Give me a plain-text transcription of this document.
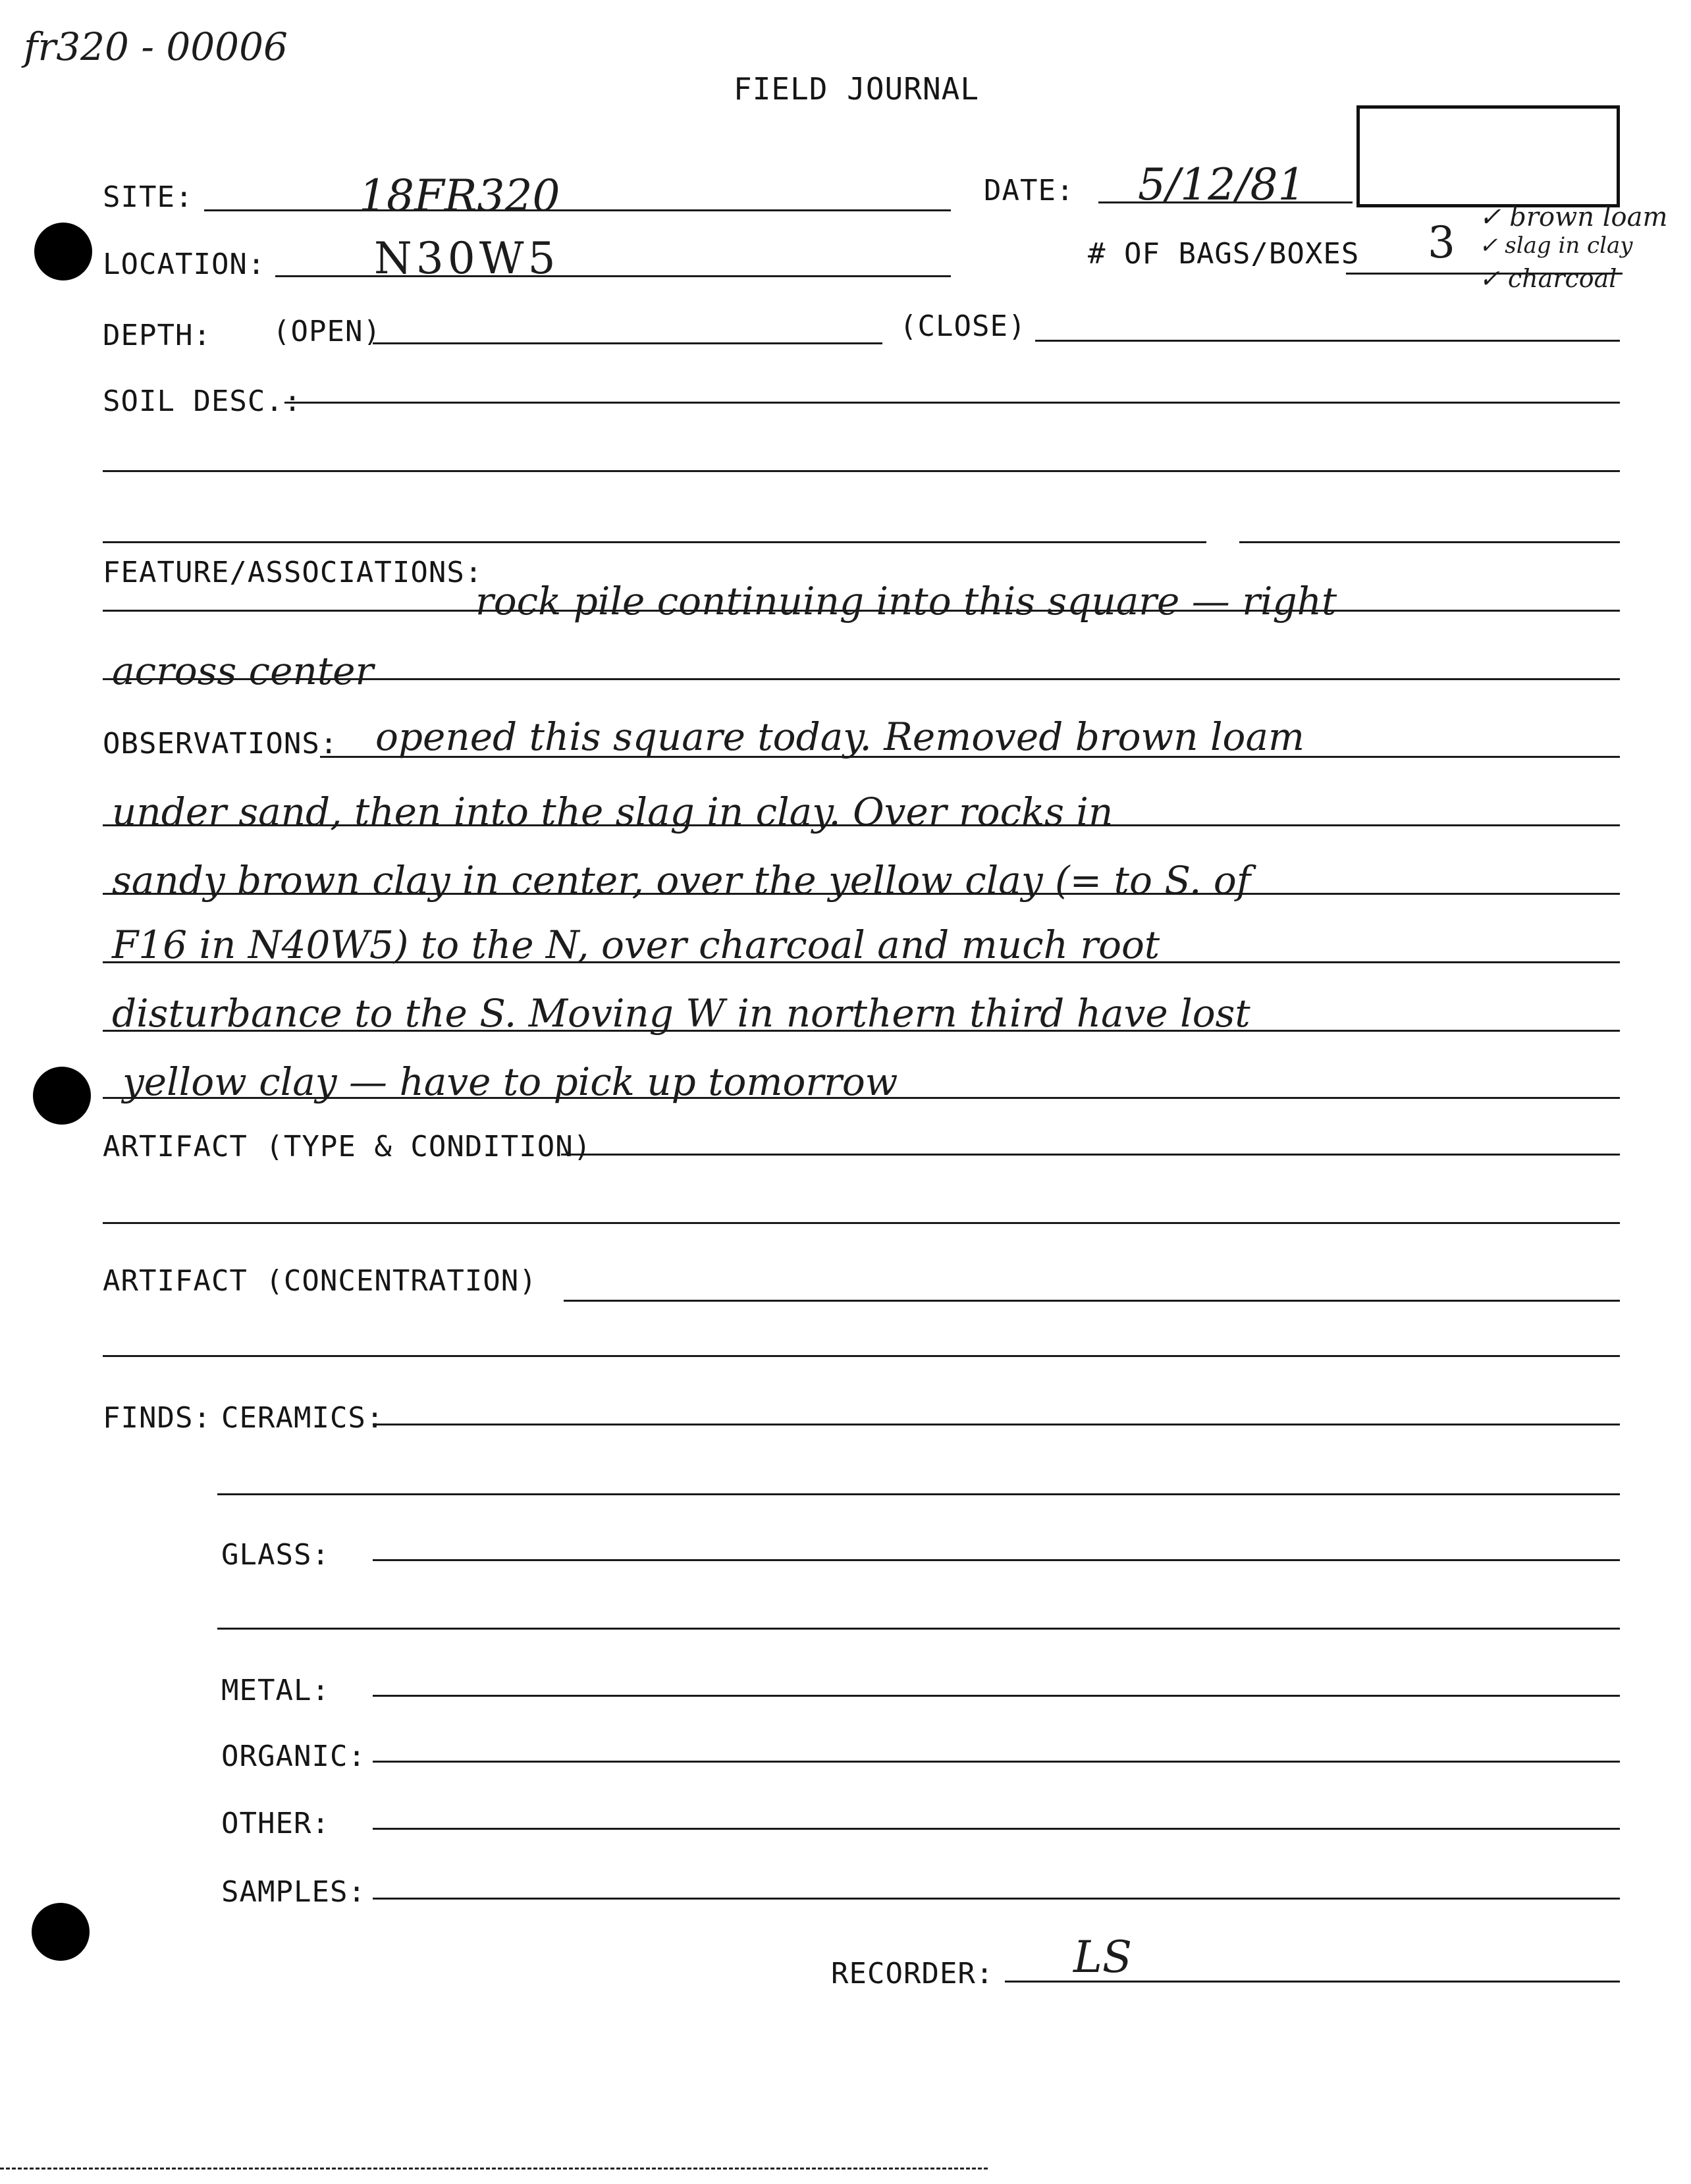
fr320 - 00006
FIELD JOURNAL
SITE:	18FR320	DATE: 5/12/81
LOCATION: N30W5	# OF BAGS/BOXES 3 ✓ brown loam
✓ slag in clay
✓ charcoal
DEPTH: (OPEN)	(CLOSE)
SOIL DESC.:
FEATURE/ASSOCIATIONS:
rock pile continuing into this square — right
across center
OBSERVATIONS: opened this square today. Removed brown loam
under sand, then into the slag in clay. Over rocks in
sandy brown clay in center, over the yellow clay (= to S. of
F16 in N40W5) to the N, over charcoal and much root
disturbance to the S. Moving W in northern third have lost
yellow clay — have to pick up tomorrow
ARTIFACT (TYPE & CONDITION)
ARTIFACT (CONCENTRATION)
FINDS: CERAMICS:
GLASS:
METAL:
ORGANIC:
OTHER:
SAMPLES:
RECORDER: LS
